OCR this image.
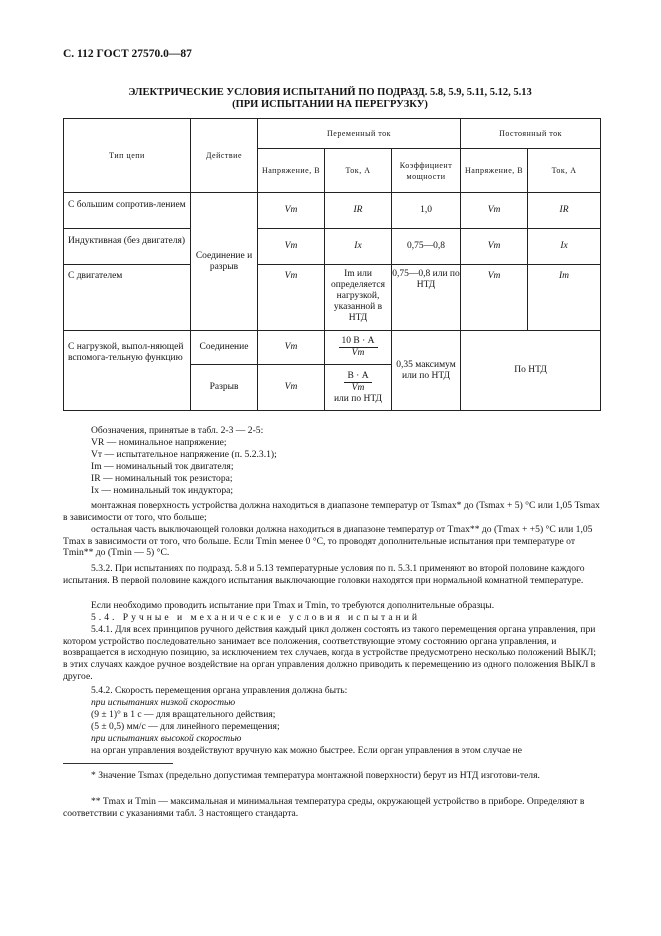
С. 112 ГОСТ 27570.0—87
ЭЛЕКТРИЧЕСКИЕ УСЛОВИЯ ИСПЫТАНИЙ ПО ПОДРАЗД. 5.8, 5.9, 5.11, 5.12, 5.13
(ПРИ ИСПЫТАНИИ НА ПЕРЕГРУЗКУ)
Тип цепи	Действие	Переменный ток			Постоянный ток	
		Напряжение, В	Ток, А	Коэффициент мощности	Напряжение, В	Ток, А
С большим сопротив-лением	Соединение и разрыв	Vт	IR	1,0	Vт	IR
Индуктивная (без двигателя)		Vт	Ix	0,75—0,8	Vт	Ix
С двигателем		Vт	Im или определяется нагрузкой, указанной в НТД	0,75—0,8 или по НТД	Vт	Im
С нагрузкой, выпол-няющей вспомога-тельную функцию	Соединение	Vт	$\frac{10 В \cdot А}{Vт}$	0,35 максимум или по НТД	По НТД	
	Разрыв	Vт	$\frac{В \cdot А}{Vт}$
или по НТД			
Обозначения, принятые в табл. 2-3 — 2-5:
VR — номинальное напряжение;
Vт — испытательное напряжение (п. 5.2.3.1);
Im — номинальный ток двигателя;
IR — номинальный ток резистора;
Ix — номинальный ток индуктора;
монтажная поверхность устройства должна находиться в диапазоне температур от Tsmax* до (Tsmax + 5) °C или 1,05 Tsmax в зависимости от того, что больше;
остальная часть выключающей головки должна находиться в диапазоне температур от Tmax** до (Tmax + +5) °С или 1,05 Tmax в зависимости от того, что больше. Если Tmin менее 0 °C, то проводят дополнительные испытания при температуре от Tmin** до (Tmin — 5) °C.
5.3.2. При испытаниях по подразд. 5.8 и 5.13 температурные условия по п. 5.3.1 применяют во второй половине каждого испытания. В первой половине каждого испытания выключающие головки находятся при нормальной комнатной температуре.
Если необходимо проводить испытание при Tmax и Tmin, то требуются дополнительные образцы.
5.4. Ручные и механические условия испытаний
5.4.1. Для всех принципов ручного действия каждый цикл должен состоять из такого перемещения органа управления, при котором устройство последовательно занимает все положения, соответствующие этому состоянию органа управления, и возвращается в исходную позицию, за исключением тех случаев, когда в устройстве предусмотрено несколько положений ВЫКЛ; в этих случаях каждое ручное воздействие на орган управления должно приводить к перемещению из одного положения ВЫКЛ в другое.
5.4.2. Скорость перемещения органа управления должна быть:
при испытаниях низкой скоростью
(9 ± 1)° в 1 с — для вращательного действия;
(5 ± 0,5) мм/с — для линейного перемещения;
при испытаниях высокой скоростью
на орган управления воздействуют вручную как можно быстрее. Если орган управления в этом случае не
* Значение Tsmax (предельно допустимая температура монтажной поверхности) берут из НТД изготови-теля.
** Tmax и Tmin — максимальная и минимальная температура среды, окружающей устройство в приборе. Определяют в соответствии с указаниями табл. 3 настоящего стандарта.
